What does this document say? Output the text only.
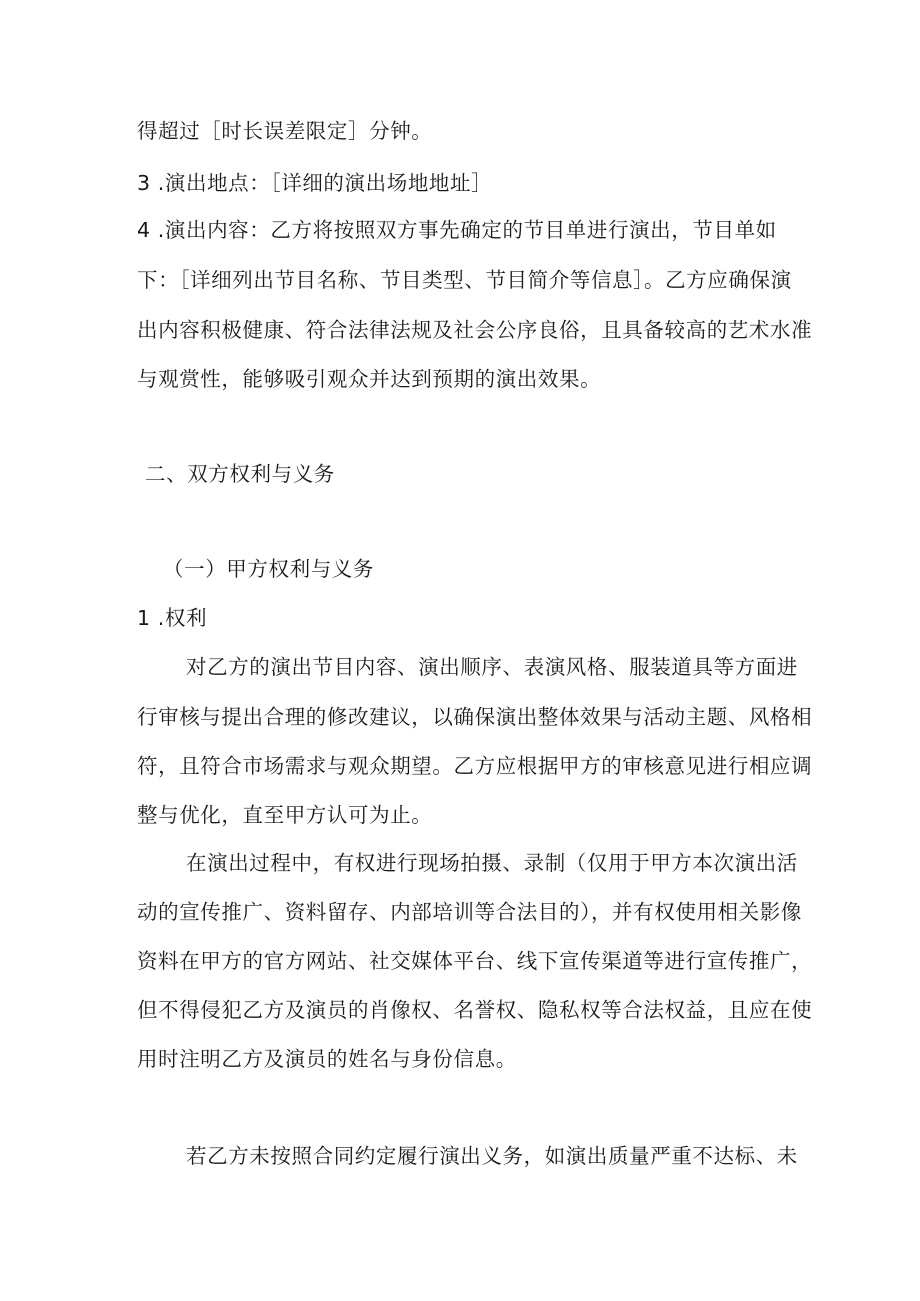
得超过［时长误差限定］分钟。

3 .演出地点：［详细的演出场地地址］

4 .演出内容：乙方将按照双方事先确定的节目单进行演出，节目单如

下：［详细列出节目名称、节目类型、节目简介等信息］。乙方应确保演

出内容积极健康、符合法律法规及社会公序良俗，且具备较高的艺术水准

与观赏性，能够吸引观众并达到预期的演出效果。

二、双方权利与义务

（一）甲方权利与义务

1 .权利

对乙方的演出节目内容、演出顺序、表演风格、服装道具等方面进

行审核与提出合理的修改建议，以确保演出整体效果与活动主题、风格相

符，且符合市场需求与观众期望。乙方应根据甲方的审核意见进行相应调

整与优化，直至甲方认可为止。

在演出过程中，有权进行现场拍摄、录制（仅用于甲方本次演出活

动的宣传推广、资料留存、内部培训等合法目的），并有权使用相关影像

资料在甲方的官方网站、社交媒体平台、线下宣传渠道等进行宣传推广，

但不得侵犯乙方及演员的肖像权、名誉权、隐私权等合法权益，且应在使

用时注明乙方及演员的姓名与身份信息。

若乙方未按照合同约定履行演出义务，如演出质量严重不达标、未
